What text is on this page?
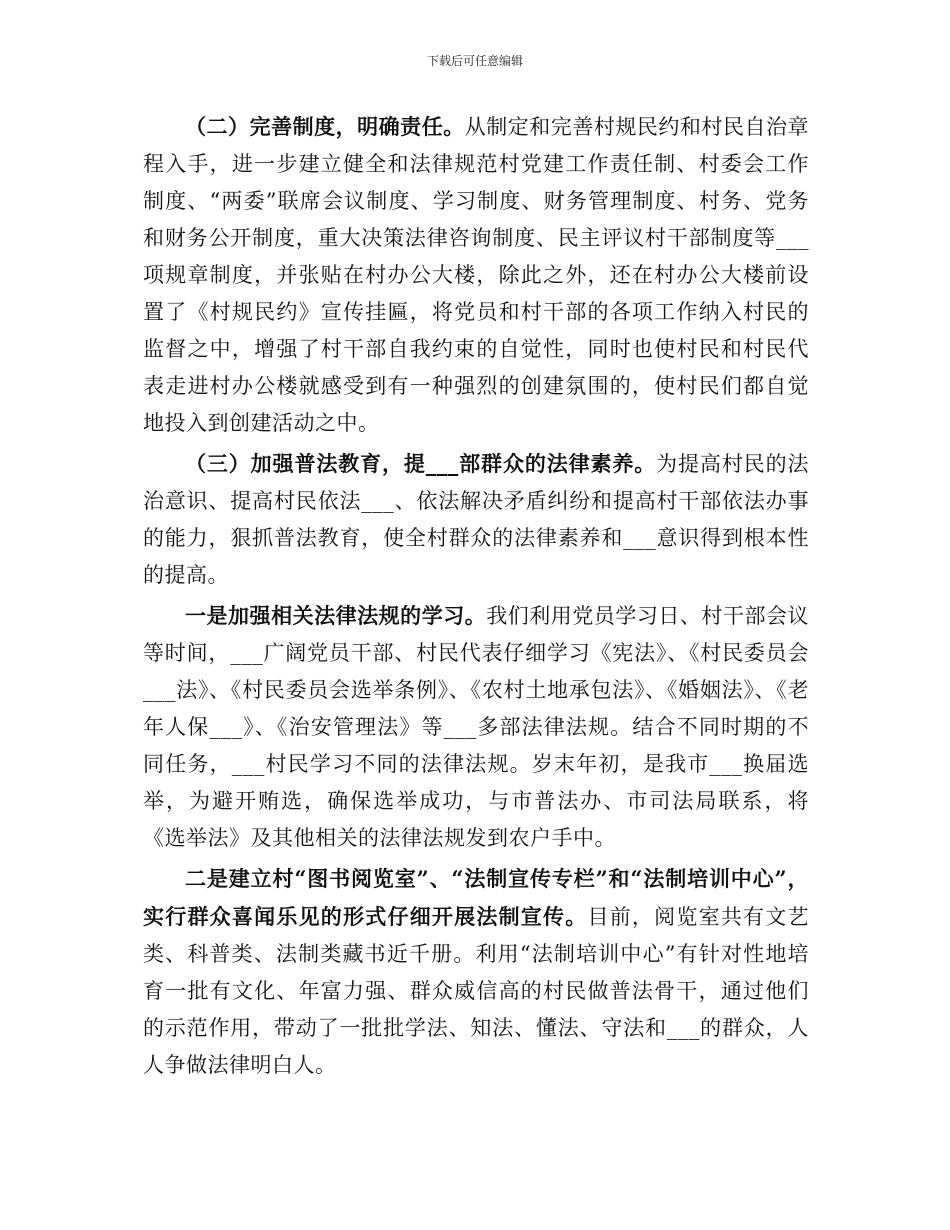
下载后可任意编辑

（二）完善制度，明确责任。从制定和完善村规民约和村民自治章程入手，进一步建立健全和法律规范村党建工作责任制、村委会工作制度、“两委”联席会议制度、学习制度、财务管理制度、村务、党务和财务公开制度，重大决策法律咨询制度、民主评议村干部制度等___项规章制度，并张贴在村办公大楼，除此之外，还在村办公大楼前设置了《村规民约》宣传挂匾，将党员和村干部的各项工作纳入村民的监督之中，增强了村干部自我约束的自觉性，同时也使村民和村民代表走进村办公楼就感受到有一种强烈的创建氛围的，使村民们都自觉地投入到创建活动之中。

（三）加强普法教育，提___部群众的法律素养。为提高村民的法治意识、提高村民依法___、依法解决矛盾纠纷和提高村干部依法办事的能力，狠抓普法教育，使全村群众的法律素养和___意识得到根本性的提高。

一是加强相关法律法规的学习。我们利用党员学习日、村干部会议等时间，___广阔党员干部、村民代表仔细学习《宪法》、《村民委员会___法》、《村民委员会选举条例》、《农村土地承包法》、《婚姻法》、《老年人保___》、《治安管理法》等___多部法律法规。结合不同时期的不同任务，___村民学习不同的法律法规。岁末年初，是我市___换届选举，为避开贿选，确保选举成功，与市普法办、市司法局联系，将《选举法》及其他相关的法律法规发到农户手中。

二是建立村“图书阅览室”、“法制宣传专栏”和“法制培训中心”，实行群众喜闻乐见的形式仔细开展法制宣传。目前，阅览室共有文艺类、科普类、法制类藏书近千册。利用“法制培训中心”有针对性地培育一批有文化、年富力强、群众威信高的村民做普法骨干，通过他们的示范作用，带动了一批批学法、知法、懂法、守法和___的群众，人人争做法律明白人。
